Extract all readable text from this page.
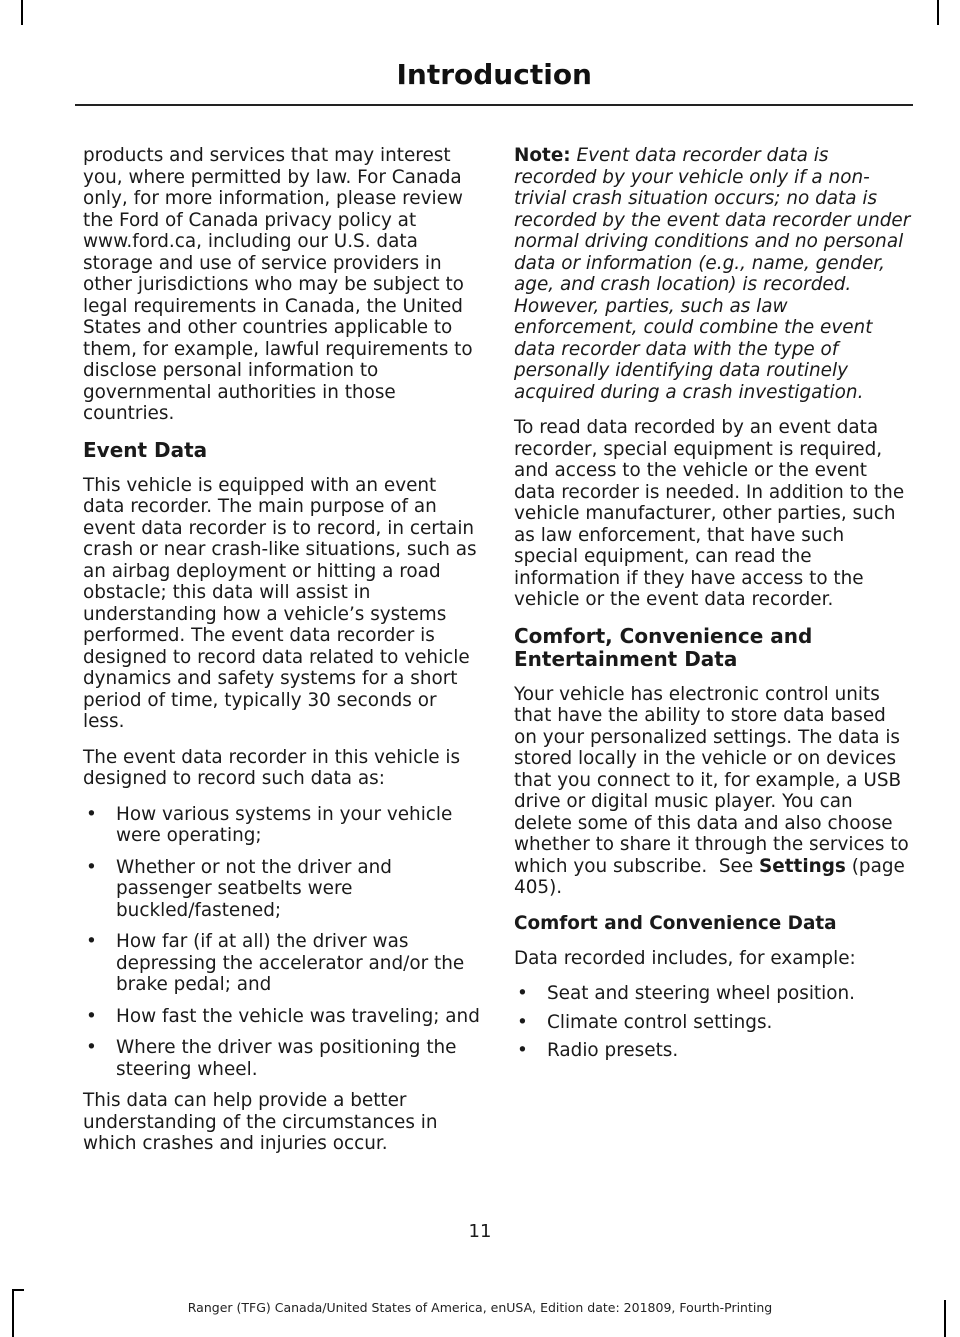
Introduction

products and services that may interest you, where permitted by law. For Canada only, for more information, please review the Ford of Canada privacy policy at www.ford.ca, including our U.S. data storage and use of service providers in other jurisdictions who may be subject to legal requirements in Canada, the United States and other countries applicable to them, for example, lawful requirements to disclose personal information to governmental authorities in those countries.

Event Data

This vehicle is equipped with an event data recorder. The main purpose of an event data recorder is to record, in certain crash or near crash-like situations, such as an airbag deployment or hitting a road obstacle; this data will assist in understanding how a vehicle’s systems performed. The event data recorder is designed to record data related to vehicle dynamics and safety systems for a short period of time, typically 30 seconds or less.

The event data recorder in this vehicle is designed to record such data as:

• How various systems in your vehicle were operating;
• Whether or not the driver and passenger seatbelts were buckled/fastened;
• How far (if at all) the driver was depressing the accelerator and/or the brake pedal; and
• How fast the vehicle was traveling; and
• Where the driver was positioning the steering wheel.

This data can help provide a better understanding of the circumstances in which crashes and injuries occur.

Note: Event data recorder data is recorded by your vehicle only if a non-trivial crash situation occurs; no data is recorded by the event data recorder under normal driving conditions and no personal data or information (e.g., name, gender, age, and crash location) is recorded. However, parties, such as law enforcement, could combine the event data recorder data with the type of personally identifying data routinely acquired during a crash investigation.

To read data recorded by an event data recorder, special equipment is required, and access to the vehicle or the event data recorder is needed. In addition to the vehicle manufacturer, other parties, such as law enforcement, that have such special equipment, can read the information if they have access to the vehicle or the event data recorder.

Comfort, Convenience and
Entertainment Data

Your vehicle has electronic control units that have the ability to store data based on your personalized settings. The data is stored locally in the vehicle or on devices that you connect to it, for example, a USB drive or digital music player. You can delete some of this data and also choose whether to share it through the services to which you subscribe. See Settings (page 405).

Comfort and Convenience Data

Data recorded includes, for example:

• Seat and steering wheel position.
• Climate control settings.
• Radio presets.
11
Ranger (TFG) Canada/United States of America, enUSA, Edition date: 201809, Fourth-Printing
